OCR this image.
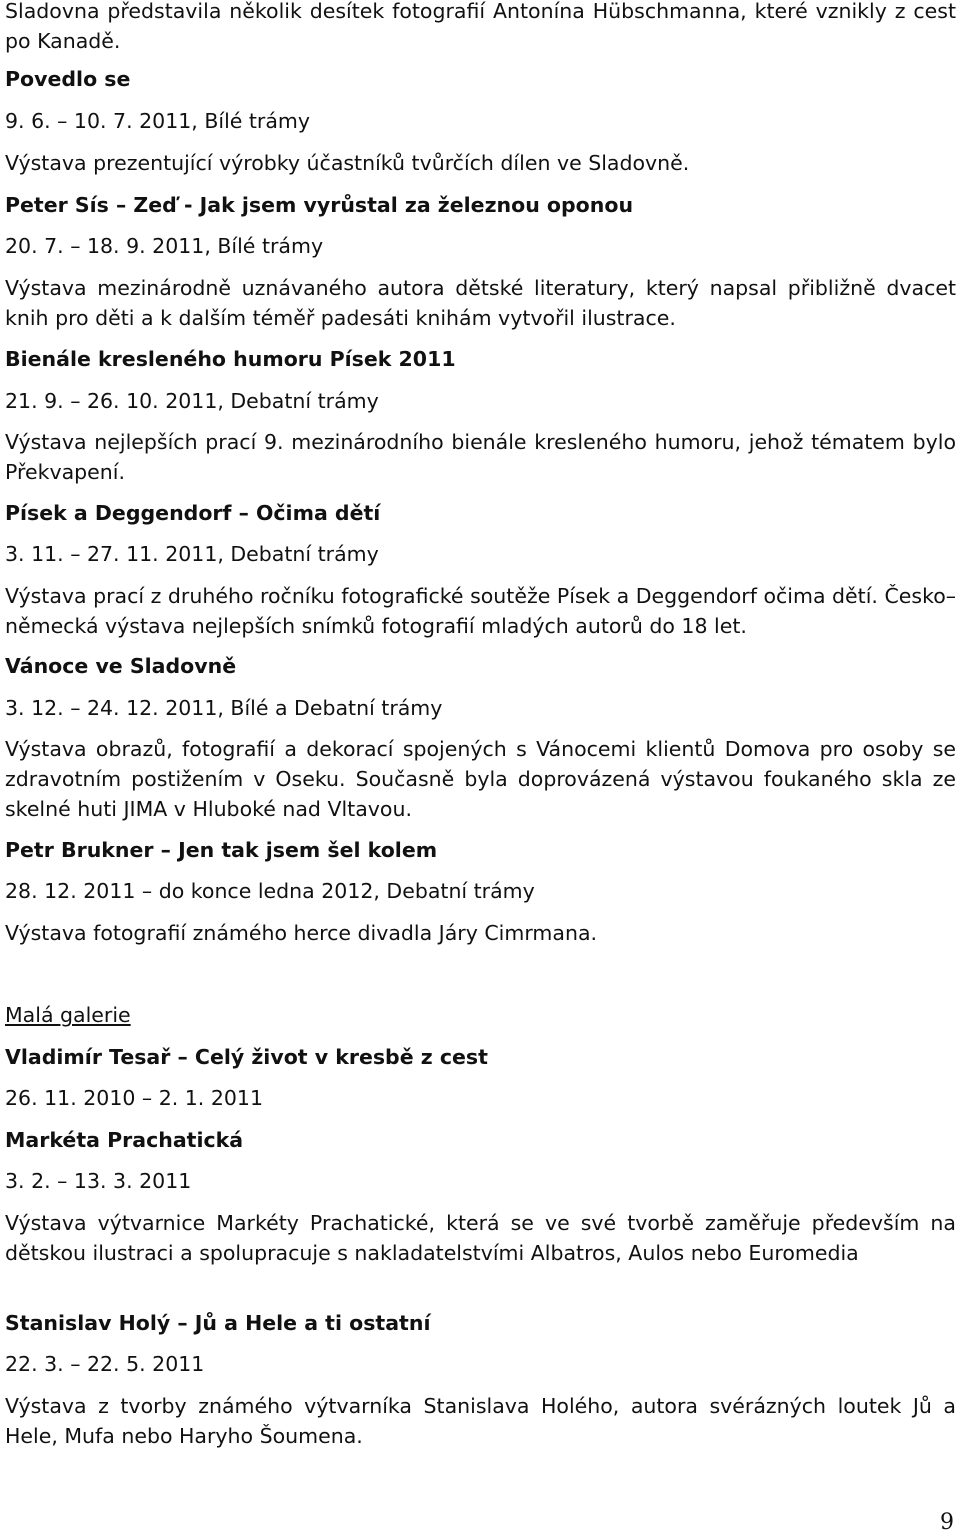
Sladovna představila několik desítek fotografií Antonína Hübschmanna, které vznikly z cest po Kanadě.

Povedlo se

9. 6. – 10. 7. 2011, Bílé trámy

Výstava prezentující výrobky účastníků tvůrčích dílen ve Sladovně.

Peter Sís – Zeď - Jak jsem vyrůstal za železnou oponou

20. 7. – 18. 9. 2011, Bílé trámy

Výstava mezinárodně uznávaného autora dětské literatury, který napsal přibližně dvacet knih pro děti a k dalším téměř padesáti knihám vytvořil ilustrace.

Bienále kresleného humoru Písek 2011

21. 9. – 26. 10. 2011, Debatní trámy

Výstava nejlepších prací 9. mezinárodního bienále kresleného humoru, jehož tématem bylo Překvapení.

Písek a Deggendorf – Očima dětí

3. 11. – 27. 11. 2011, Debatní trámy

Výstava prací z druhého ročníku fotografické soutěže Písek a Deggendorf očima dětí. Česko–německá výstava nejlepších snímků fotografií mladých autorů do 18 let.

Vánoce ve Sladovně

3. 12. – 24. 12. 2011, Bílé a Debatní trámy

Výstava obrazů, fotografií a dekorací spojených s Vánocemi klientů Domova pro osoby se zdravotním postižením v Oseku. Současně byla doprovázená výstavou foukaného skla ze skelné huti JIMA v Hluboké nad Vltavou.

Petr Brukner – Jen tak jsem šel kolem

28. 12. 2011 – do konce ledna 2012, Debatní trámy

Výstava fotografií známého herce divadla Járy Cimrmana.

Malá galerie

Vladimír Tesař – Celý život v kresbě z cest

26. 11. 2010 – 2. 1. 2011

Markéta Prachatická

3. 2. – 13. 3. 2011

Výstava výtvarnice Markéty Prachatické, která se ve své tvorbě zaměřuje především na dětskou ilustraci a spolupracuje s nakladatelstvími Albatros, Aulos nebo Euromedia

Stanislav Holý – Jů a Hele a ti ostatní

22. 3. – 22. 5. 2011

Výstava z tvorby známého výtvarníka Stanislava Holého, autora svérázných loutek Jů a Hele, Mufa nebo Haryho Šoumena.

9
